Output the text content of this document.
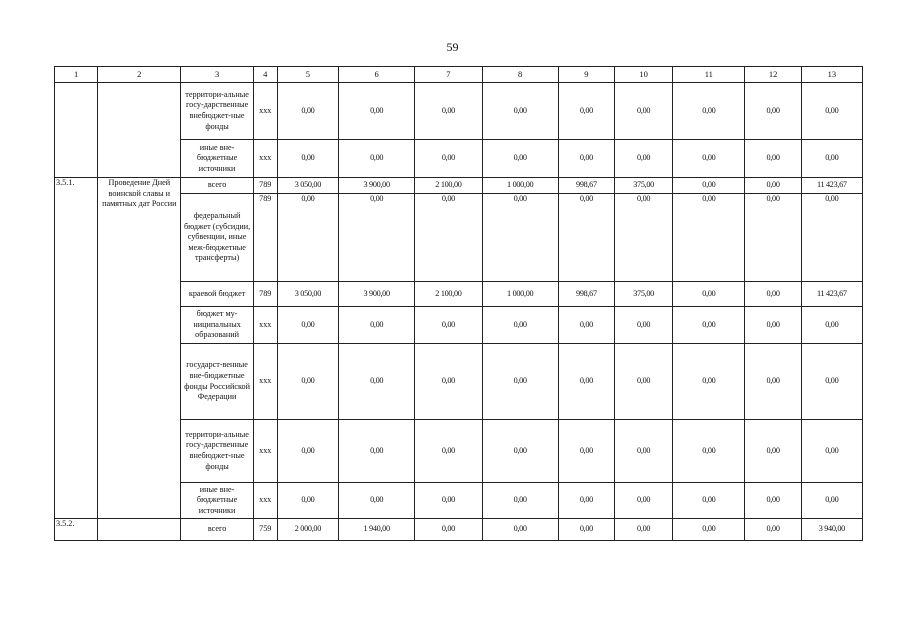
59
1	2	3	4	5	6	7	8	9	10	11	12	13
		территори-альные госу-дарственные внебюджет-ные фонды	ххх	0,00	0,00	0,00	0,00	0,00	0,00	0,00	0,00	0,00
		иные вне-бюджетные источники	ххх	0,00	0,00	0,00	0,00	0,00	0,00	0,00	0,00	0,00
3.5.1.	Проведение Дней воинской славы и памятных дат России	всего	789	3 050,00	3 900,00	2 100,00	1 000,00	998,67	375,00	0,00	0,00	11 423,67
		федеральный бюджет (субсидии, субвенции, иные меж-бюджетные трансферты)	789	0,00	0,00	0,00	0,00	0,00	0,00	0,00	0,00	0,00
		краевой бюджет	789	3 050,00	3 900,00	2 100,00	1 000,00	998,67	375,00	0,00	0,00	11 423,67
		бюджет му-ниципальных образований	ххх	0,00	0,00	0,00	0,00	0,00	0,00	0,00	0,00	0,00
		государст-венные вне-бюджетные фонды Российской Федерации	ххх	0,00	0,00	0,00	0,00	0,00	0,00	0,00	0,00	0,00
		территори-альные госу-дарственные внебюджет-ные фонды	ххх	0,00	0,00	0,00	0,00	0,00	0,00	0,00	0,00	0,00
		иные вне-бюджетные источники	ххх	0,00	0,00	0,00	0,00	0,00	0,00	0,00	0,00	0,00
3.5.2.		всего	759	2 000,00	1 940,00	0,00	0,00	0,00	0,00	0,00	0,00	3 940,00
